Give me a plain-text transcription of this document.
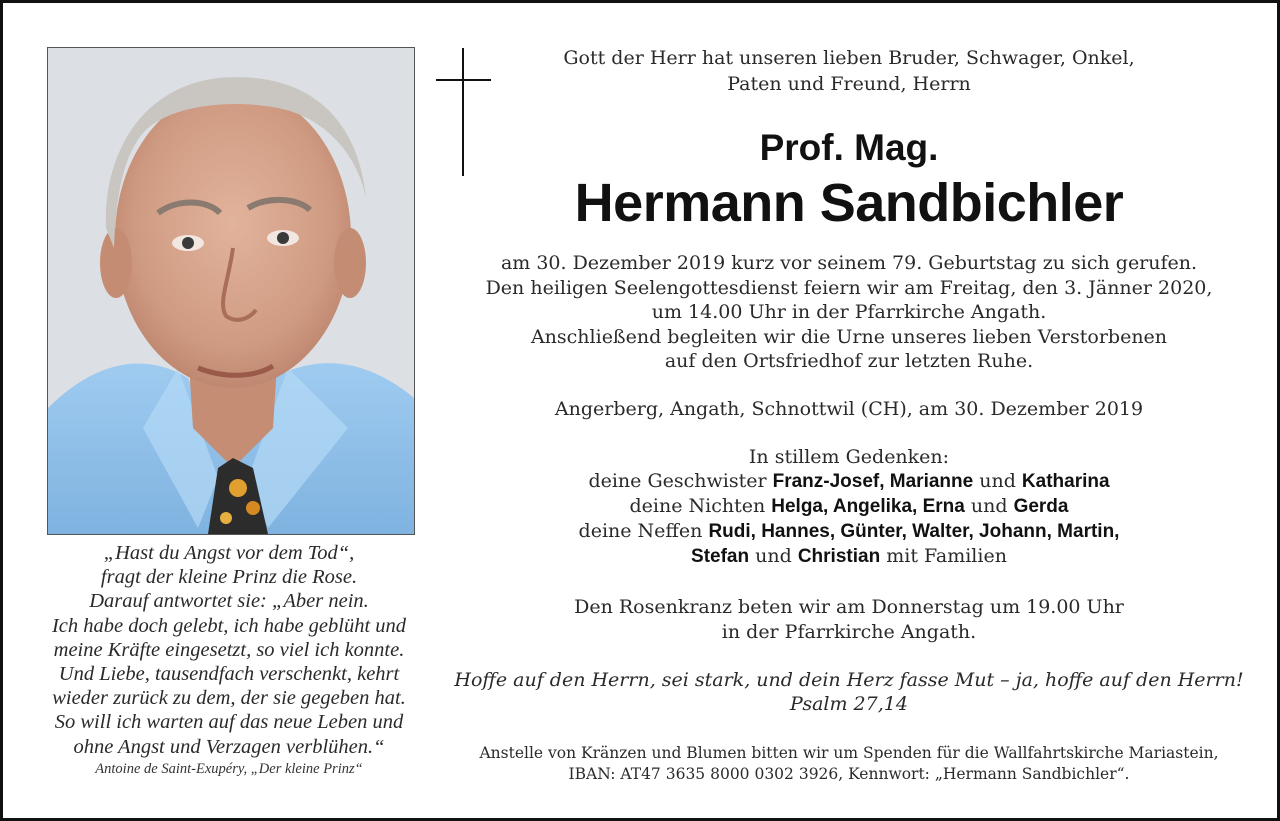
„Hast du Angst vor dem Tod“,
fragt der kleine Prinz die Rose.
Darauf antwortet sie: „Aber nein.
Ich habe doch gelebt, ich habe geblüht und
meine Kräfte eingesetzt, so viel ich konnte.
Und Liebe, tausendfach verschenkt, kehrt
wieder zurück zu dem, der sie gegeben hat.
So will ich warten auf das neue Leben und
ohne Angst und Verzagen verblühen.“
Antoine de Saint-Exupéry, „Der kleine Prinz“
Gott der Herr hat unseren lieben Bruder, Schwager, Onkel,
Paten und Freund, Herrn
Prof. Mag.
Hermann Sandbichler
am 30. Dezember 2019 kurz vor seinem 79. Geburtstag zu sich gerufen.
Den heiligen Seelengottesdienst feiern wir am Freitag, den 3. Jänner 2020,
um 14.00 Uhr in der Pfarrkirche Angath.
Anschließend begleiten wir die Urne unseres lieben Verstorbenen
auf den Ortsfriedhof zur letzten Ruhe.
Angerberg, Angath, Schnottwil (CH), am 30. Dezember 2019
In stillem Gedenken:
deine Geschwister Franz-Josef, Marianne und Katharina
deine Nichten Helga, Angelika, Erna und Gerda
deine Neffen Rudi, Hannes, Günter, Walter, Johann, Martin,
Stefan und Christian mit Familien
Den Rosenkranz beten wir am Donnerstag um 19.00 Uhr
in der Pfarrkirche Angath.
Hoffe auf den Herrn, sei stark, und dein Herz fasse Mut – ja, hoffe auf den Herrn!
Psalm 27,14
Anstelle von Kränzen und Blumen bitten wir um Spenden für die Wallfahrtskirche Mariastein,
IBAN: AT47 3635 8000 0302 3926, Kennwort: „Hermann Sandbichler“.
